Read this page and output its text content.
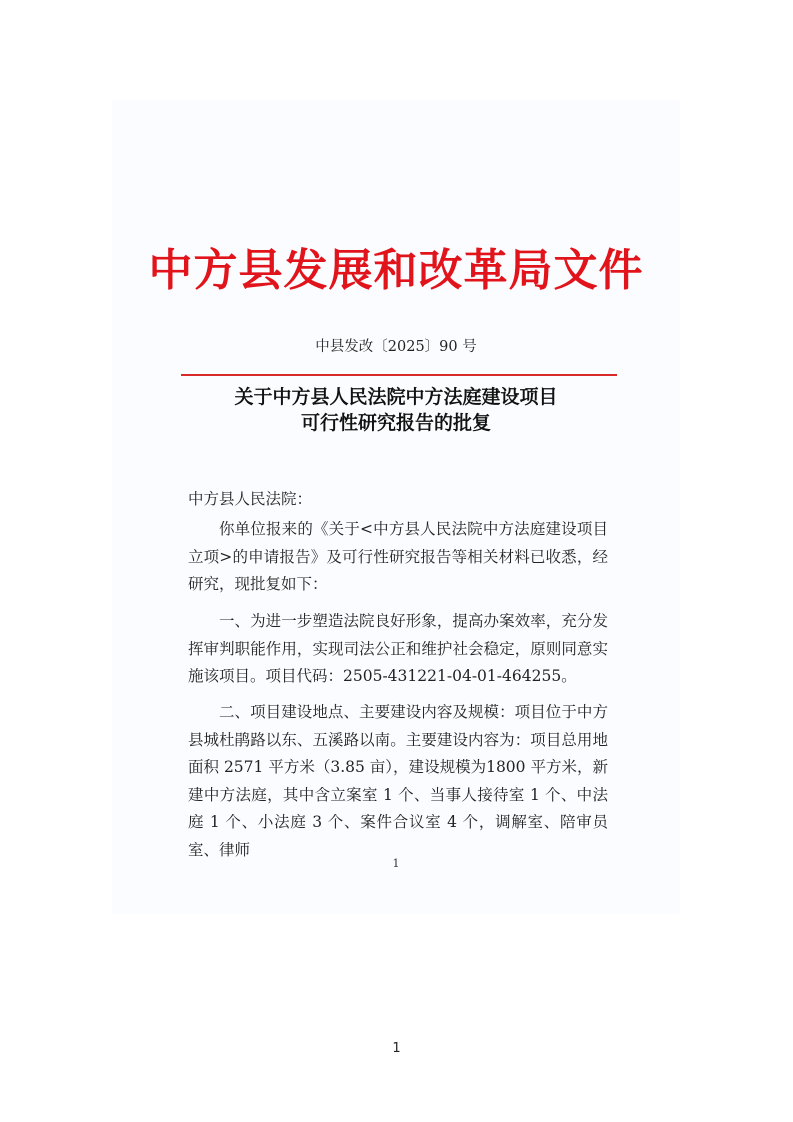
中方县发展和改革局文件
中县发改〔2025〕90 号
关于中方县人民法院中方法庭建设项目
可行性研究报告的批复
中方县人民法院：
你单位报来的《关于<中方县人民法院中方法庭建设项目立项>的申请报告》及可行性研究报告等相关材料已收悉，经研究，现批复如下：
一、为进一步塑造法院良好形象，提高办案效率，充分发挥审判职能作用，实现司法公正和维护社会稳定，原则同意实施该项目。项目代码：2505-431221-04-01-464255。
二、项目建设地点、主要建设内容及规模：项目位于中方县城杜鹃路以东、五溪路以南。主要建设内容为：项目总用地面积 2571 平方米（3.85 亩），建设规模为1800 平方米，新建中方法庭，其中含立案室 1 个、当事人接待室 1 个、中法庭 1 个、小法庭 3 个、案件合议室 4 个，调解室、陪审员室、律师
1
1
